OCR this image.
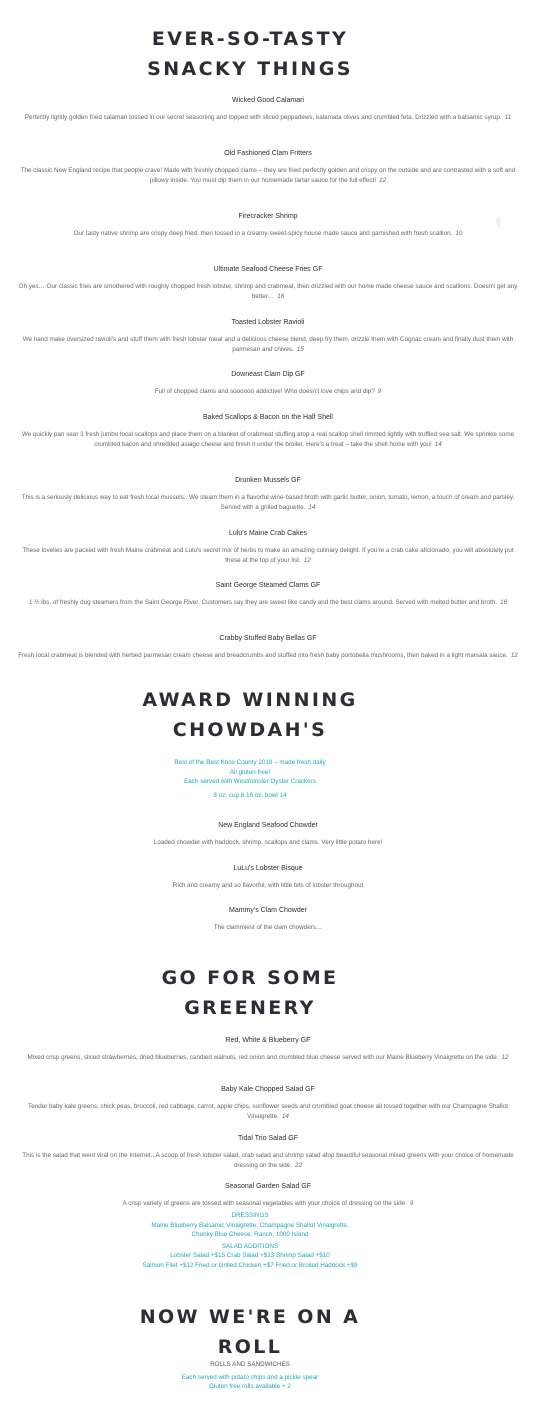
EVER-SO-TASTY
SNACKY THINGS

Wicked Good Calamari

Perfectly lightly golden fried calamari tossed in our secret seasoning and topped with sliced peppadews, kalamata olives and crumbled feta. Drizzled with a balsamic syrup. 11

Old Fashioned Clam Fritters

The classic New England recipe that people crave! Made with freshly chopped clams – they are fried perfectly golden and crispy on the outside and are contrasted with a soft and pillowy inside. You must dip them in our homemade tartar sauce for the full effect! 12

Firecracker Shrimp

Our tasty native shrimp are crispy deep fried, then tossed in a creamy-sweet-spicy house made sauce and garnished with fresh scallion. 10

Ultimate Seafood Cheese Fries GF

Oh yes… Our classic fries are smothered with roughly chopped fresh lobster, shrimp and crabmeat, then drizzled with our home made cheese sauce and scallions. Doesn't get any better… 16

Toasted Lobster Ravioli

We hand make oversized ravioli's and stuff them with fresh lobster meat and a delicious cheese blend, deep fry them, drizzle them with Cognac cream and finally dust them with parmesan and chives. 15

Downeast Clam Dip GF

Full of chopped clams and soooooo addictive! Who doesn't love chips and dip? 9

Baked Scallops & Bacon on the Half Shell

We quickly pan sear 3 fresh jumbo local scallops and place them on a blanket of crabmeat stuffing atop a real scallop shell rimmed lightly with truffled sea salt. We sprinkle some crumbled bacon and shredded asiago cheese and finish it under the broiler. Here's a treat – take the shell home with you! 14

Drunken Mussels GF

This is a seriously delicious way to eat fresh local mussels.. We steam them in a flavorful wine-based broth with garlic butter, onion, tomato, lemon, a touch of cream and parsley. Served with a grilled baguette. 14

Lulu's Maine Crab Cakes

These lovelies are packed with fresh Maine crabmeat and Lulu's secret mix of herbs to make an amazing culinary delight. If you're a crab cake aficionado, you will absolutely put these at the top of your list. 12

Saint George Steamed Clams GF

1 ½ lbs. of freshly dug steamers from the Saint George River. Customers say they are sweet like candy and the best clams around. Served with melted butter and broth. 16

Crabby Stuffed Baby Bellas GF

Fresh local crabmeat is blended with herbed parmesan cream cheese and breadcrumbs and stuffed into fresh baby portobella mushrooms, then baked in a light marsala sauce. 12

AWARD WINNING
CHOWDAH'S

Best of the Best Knox County 2018 – made fresh daily

All gluten free!

Each served with Westminster Oyster Crackers

8 oz. cup 8 16 oz. bowl 14

New England Seafood Chowder

Loaded chowder with haddock, shrimp, scallops and clams. Very little potato here!

LuLu's Lobster Bisque

Rich and creamy and so flavorful, with little bits of lobster throughout

Mammy's Clam Chowder

The clammiest of the clam chowders…

GO FOR SOME
GREENERY

Red, White & Blueberry GF

Mixed crisp greens, sliced strawberries, dried blueberries, candied walnuts, red onion and crumbled blue cheese served with our Maine Blueberry Vinaigrette on the side. 12

Baby Kale Chopped Salad GF

Tender baby kale greens, chick peas, broccoli, red cabbage, carrot, apple chips, sunflower seeds and crumbled goat cheese all tossed together with our Champagne Shallot Vinaigrette. 14

Tidal Trio Salad GF

This is the salad that went viral on the Internet.. A scoop of fresh lobster salad, crab salad and shrimp salad atop beautiful seasonal mixed greens with your choice of homemade dressing on the side. 22

Seasonal Garden Salad GF

A crisp variety of greens are tossed with seasonal vegetables with your choice of dressing on the side. 9

DRESSINGS

Maine Blueberry Balsamic Vinaigrette, Champagne Shallot Vinaigrette,

Chunky Blue Cheese, Ranch, 1000 Island

SALAD ADDITIONS

Lobster Salad +$15 Crab Salad +$13 Shrimp Salad +$10

Salmon Filet +$12 Fried or Grilled Chicken +$7 Fried or Broiled Haddock +$9

NOW WE'RE ON A
ROLL

ROLLS AND SANDWICHES

Each served with potato chips and a pickle spear

Gluten free rolls available + 2
